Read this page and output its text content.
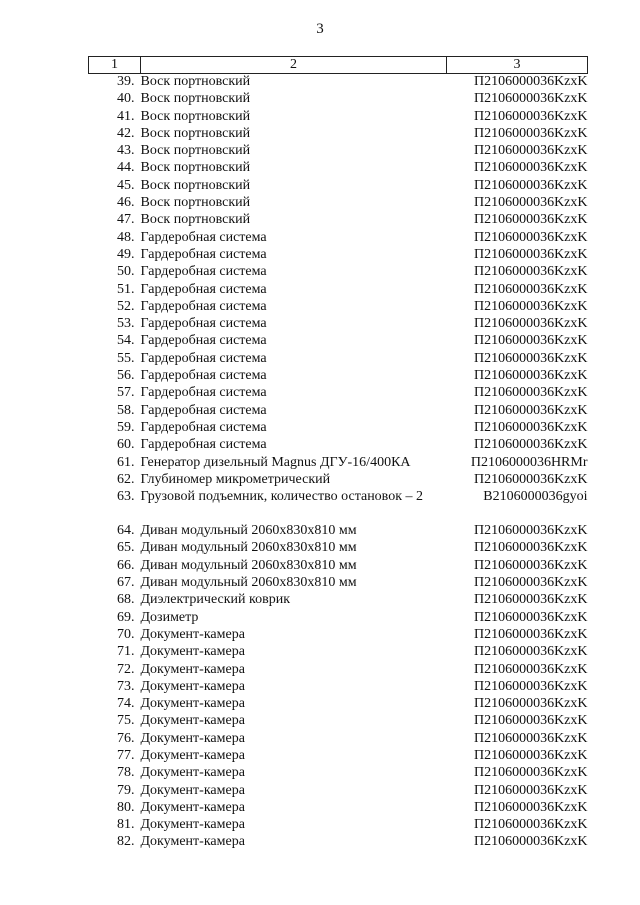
3
1	2	3
39.	Воск портновский	П2106000036KzxK
40.	Воск портновский	П2106000036KzxK
41.	Воск портновский	П2106000036KzxK
42.	Воск портновский	П2106000036KzxK
43.	Воск портновский	П2106000036KzxK
44.	Воск портновский	П2106000036KzxK
45.	Воск портновский	П2106000036KzxK
46.	Воск портновский	П2106000036KzxK
47.	Воск портновский	П2106000036KzxK
48.	Гардеробная система	П2106000036KzxK
49.	Гардеробная система	П2106000036KzxK
50.	Гардеробная система	П2106000036KzxK
51.	Гардеробная система	П2106000036KzxK
52.	Гардеробная система	П2106000036KzxK
53.	Гардеробная система	П2106000036KzxK
54.	Гардеробная система	П2106000036KzxK
55.	Гардеробная система	П2106000036KzxK
56.	Гардеробная система	П2106000036KzxK
57.	Гардеробная система	П2106000036KzxK
58.	Гардеробная система	П2106000036KzxK
59.	Гардеробная система	П2106000036KzxK
60.	Гардеробная система	П2106000036KzxK
61.	Генератор дизельный Magnus ДГУ-16/400КА	П2106000036HRMr
62.	Глубиномер микрометрический	П2106000036KzxK
63.	Грузовой подъемник, количество остановок – 2	В2106000036gyoi
64.	Диван модульный 2060х830х810 мм	П2106000036KzxK
65.	Диван модульный 2060х830х810 мм	П2106000036KzxK
66.	Диван модульный 2060х830х810 мм	П2106000036KzxK
67.	Диван модульный 2060х830х810 мм	П2106000036KzxK
68.	Диэлектрический коврик	П2106000036KzxK
69.	Дозиметр	П2106000036KzxK
70.	Документ-камера	П2106000036KzxK
71.	Документ-камера	П2106000036KzxK
72.	Документ-камера	П2106000036KzxK
73.	Документ-камера	П2106000036KzxK
74.	Документ-камера	П2106000036KzxK
75.	Документ-камера	П2106000036KzxK
76.	Документ-камера	П2106000036KzxK
77.	Документ-камера	П2106000036KzxK
78.	Документ-камера	П2106000036KzxK
79.	Документ-камера	П2106000036KzxK
80.	Документ-камера	П2106000036KzxK
81.	Документ-камера	П2106000036KzxK
82.	Документ-камера	П2106000036KzxK
